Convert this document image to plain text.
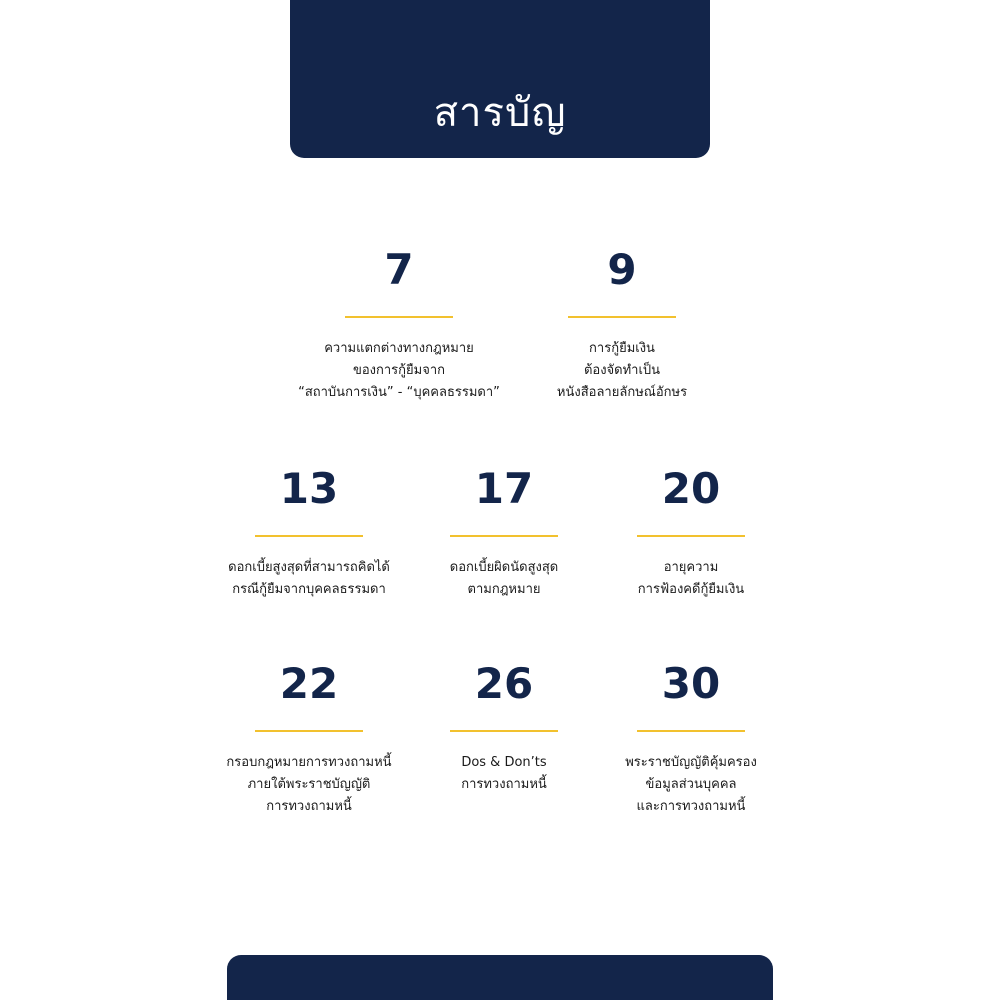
สารบัญ
7
ความแตกต่างทางกฎหมาย
ของการกู้ยืมจาก
“สถาบันการเงิน” - “บุคคลธรรมดา”
9
การกู้ยืมเงิน
ต้องจัดทำเป็น
หนังสือลายลักษณ์อักษร
13
ดอกเบี้ยสูงสุดที่สามารถคิดได้
กรณีกู้ยืมจากบุคคลธรรมดา
17
ดอกเบี้ยผิดนัดสูงสุด
ตามกฎหมาย
20
อายุความ
การฟ้องคดีกู้ยืมเงิน
22
กรอบกฎหมายการทวงถามหนี้
ภายใต้พระราชบัญญัติ
การทวงถามหนี้
26
Dos & Don’ts
การทวงถามหนี้
30
พระราชบัญญัติคุ้มครอง
ข้อมูลส่วนบุคคล
และการทวงถามหนี้
